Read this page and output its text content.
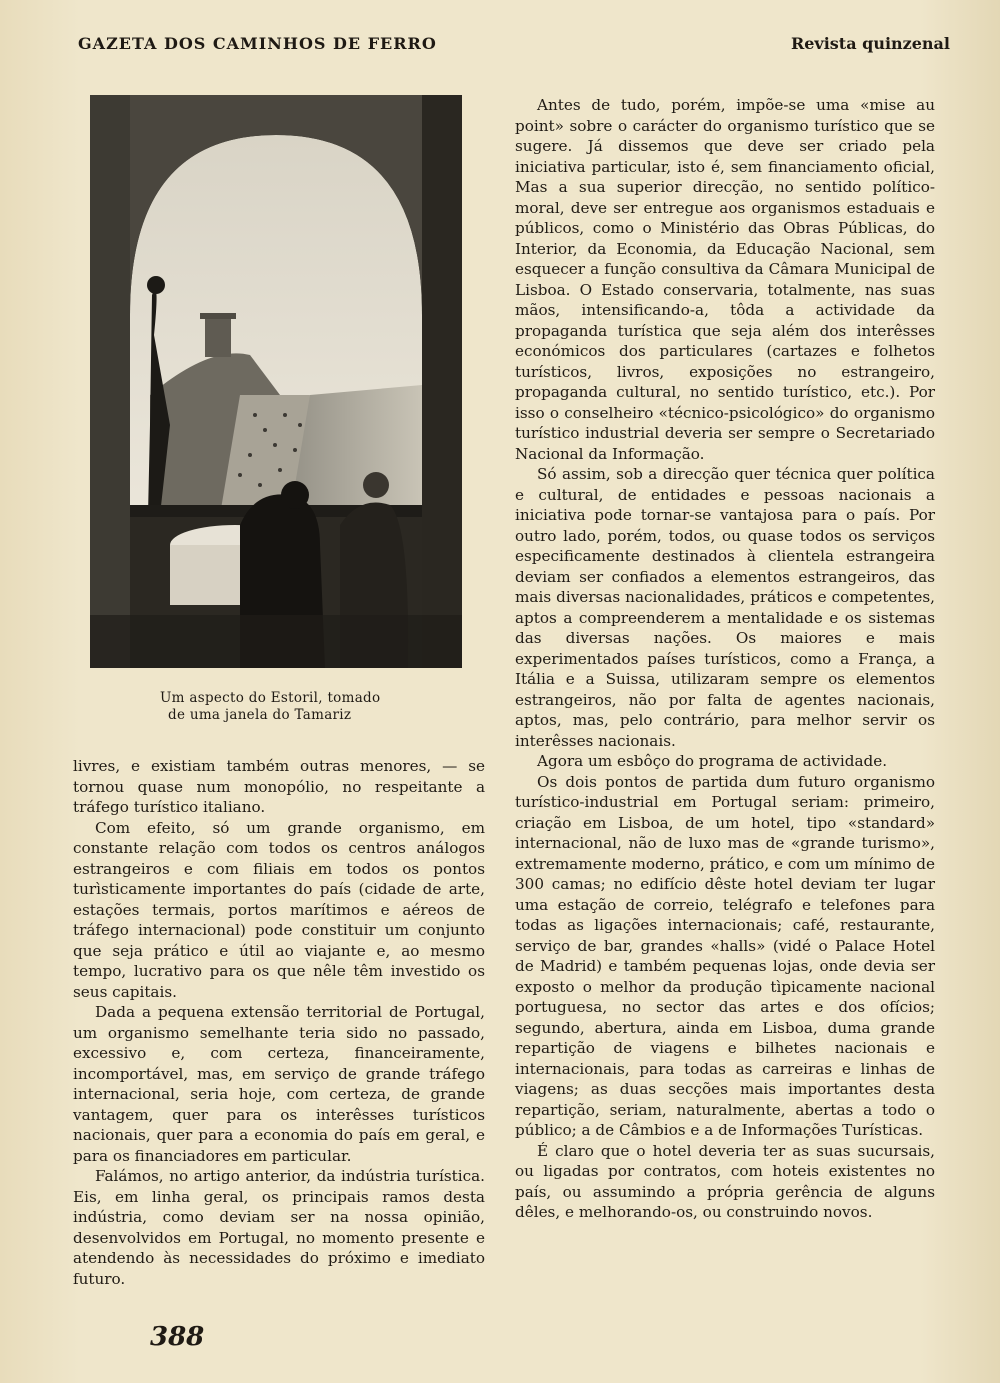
GAZETA DOS CAMINHOS DE FERRO	Revista quinzenal
Um aspecto do Estoril, tomado
de uma janela do Tamariz

livres, e existiam também outras menores, — se tornou quase num monopólio, no respeitante a tráfego turístico italiano.

Com efeito, só um grande organismo, em constante relação com todos os centros análogos estrangeiros e com filiais em todos os pontos turìsticamente importantes do país (cidade de arte, estações termais, portos marítimos e aéreos de tráfego internacional) pode constituir um conjunto que seja prático e útil ao viajante e, ao mesmo tempo, lucrativo para os que nêle têm investido os seus capitais.

Dada a pequena extensão territorial de Portugal, um organismo semelhante teria sido no passado, excessivo e, com certeza, financeiramente, incomportável, mas, em serviço de grande tráfego internacional, seria hoje, com certeza, de grande vantagem, quer para os interêsses turísticos nacionais, quer para a economia do país em geral, e para os financiadores em particular.

Falámos, no artigo anterior, da indústria turística. Eis, em linha geral, os principais ramos desta indústria, como deviam ser na nossa opinião, desenvolvidos em Portugal, no momento presente e atendendo às necessidades do próximo e imediato futuro.

Antes de tudo, porém, impõe-se uma «mise au point» sobre o carácter do organismo turístico que se sugere. Já dissemos que deve ser criado pela iniciativa particular, isto é, sem financiamento oficial, Mas a sua superior direcção, no sentido político-moral, deve ser entregue aos organismos estaduais e públicos, como o Ministério das Obras Públicas, do Interior, da Economia, da Educação Nacional, sem esquecer a função consultiva da Câmara Municipal de Lisboa. O Estado conservaria, totalmente, nas suas mãos, intensificando-a, tôda a actividade da propaganda turística que seja além dos interêsses económicos dos particulares (cartazes e folhetos turísticos, livros, exposições no estrangeiro, propaganda cultural, no sentido turístico, etc.). Por isso o conselheiro «técnico-psicológico» do organismo turístico industrial deveria ser sempre o Secretariado Nacional da Informação.

Só assim, sob a direcção quer técnica quer política e cultural, de entidades e pessoas nacionais a iniciativa pode tornar-se vantajosa para o país. Por outro lado, porém, todos, ou quase todos os serviços especificamente destinados à clientela estrangeira deviam ser confiados a elementos estrangeiros, das mais diversas nacionalidades, práticos e competentes, aptos a compreenderem a mentalidade e os sistemas das diversas nações. Os maiores e mais experimentados países turísticos, como a França, a Itália e a Suissa, utilizaram sempre os elementos estrangeiros, não por falta de agentes nacionais, aptos, mas, pelo contrário, para melhor servir os interêsses nacionais.

Agora um esbôço do programa de actividade.

Os dois pontos de partida dum futuro organismo turístico-industrial em Portugal seriam: primeiro, criação em Lisboa, de um hotel, tipo «standard» internacional, não de luxo mas de «grande turismo», extremamente moderno, prático, e com um mínimo de 300 camas; no edifício dêste hotel deviam ter lugar uma estação de correio, telégrafo e telefones para todas as ligações internacionais; café, restaurante, serviço de bar, grandes «halls» (vidé o Palace Hotel de Madrid) e também pequenas lojas, onde devia ser exposto o melhor da produção tìpicamente nacional portuguesa, no sector das artes e dos ofícios; segundo, abertura, ainda em Lisboa, duma grande repartição de viagens e bilhetes nacionais e internacionais, para todas as carreiras e linhas de viagens; as duas secções mais importantes desta repartição, seriam, naturalmente, abertas a todo o público; a de Câmbios e a de Informações Turísticas.

É claro que o hotel deveria ter as suas sucursais, ou ligadas por contratos, com hoteis existentes no país, ou assumindo a própria gerência de alguns dêles, e melhorando-os, ou construindo novos.

388
